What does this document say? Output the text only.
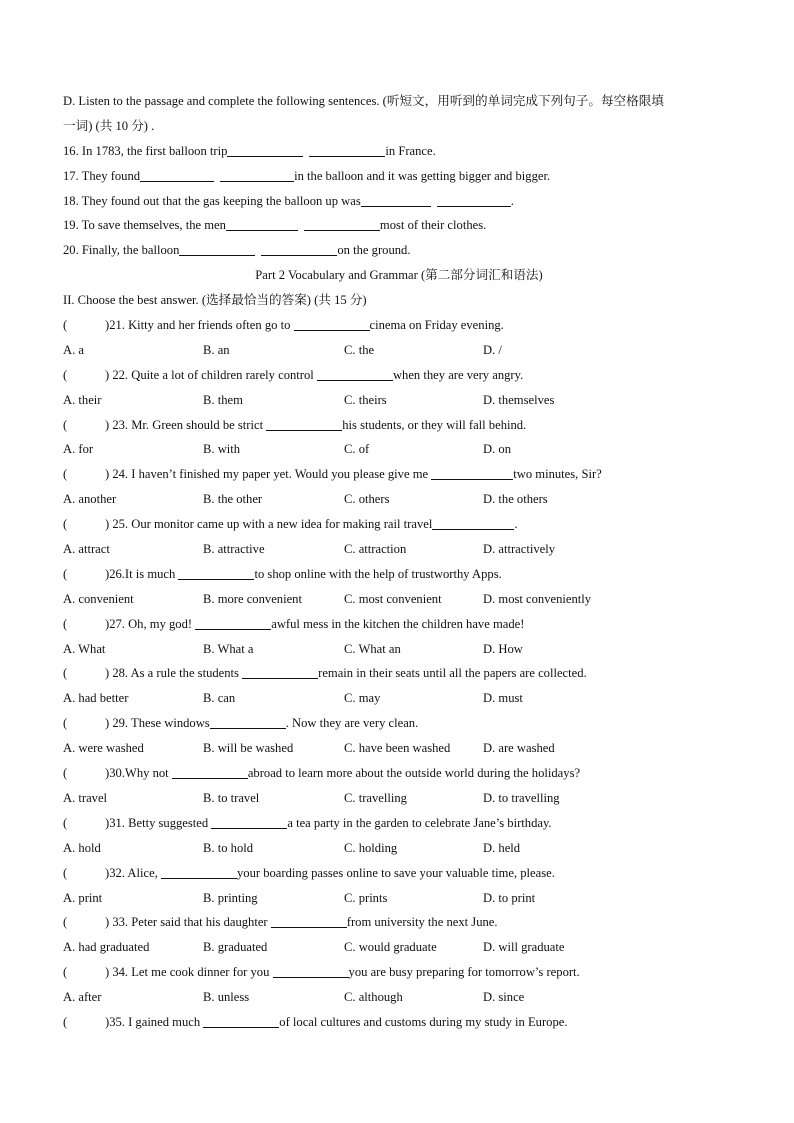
D. Listen to the passage and complete the following sentences. (听短文，用听到的单词完成下列句子。每空格限填
一词) (共 10 分) .
16. In 1783, the first balloon trip	in France.
17. They found	in the balloon and it was getting bigger and bigger.
18. They found out that the gas keeping the balloon up was	.
19. To save themselves, the men	most of their clothes.
20. Finally, the balloon	on the ground.
Part 2 Vocabulary and Grammar (第二部分词汇和语法)
II. Choose the best answer. (选择最恰当的答案) (共 15 分)
(	)21. Kitty and her friends often go to	cinema on Friday evening.
A. a	B. an	C. the	D. /
(	) 22. Quite a lot of children rarely control	when they are very angry.
A. their	B. them	C. theirs	D. themselves
(	) 23. Mr. Green should be strict	his students, or they will fall behind.
A. for	B. with	C. of	D. on
(	) 24. I haven’t finished my paper yet. Would you please give me	two minutes, Sir?
A. another	B. the other	C. others	D. the others
(	) 25. Our monitor came up with a new idea for making rail travel	.
A. attract	B. attractive	C. attraction	D. attractively
(	)26.It is much	to shop online with the help of trustworthy Apps.
A. convenient	B. more convenient	C. most convenient	D. most conveniently
(	)27. Oh, my god!	awful mess in the kitchen the children have made!
A. What	B. What a	C. What an	D. How
(	) 28. As a rule the students	remain in their seats until all the papers are collected.
A. had better	B. can	C. may	D. must
(	) 29. These windows	. Now they are very clean.
A. were washed	B. will be washed	C. have been washed	D. are washed
(	)30.Why not	abroad to learn more about the outside world during the holidays?
A. travel	B. to travel	C. travelling	D. to travelling
(	)31. Betty suggested	a tea party in the garden to celebrate Jane’s birthday.
A. hold	B. to hold	C. holding	D. held
(	)32. Alice,	your boarding passes online to save your valuable time, please.
A. print	B. printing	C. prints	D. to print
(	) 33. Peter said that his daughter	from university the next June.
A. had graduated	B. graduated	C. would graduate	D. will graduate
(	) 34. Let me cook dinner for you	you are busy preparing for tomorrow’s report.
A. after	B. unless	C. although	D. since
(	)35. I gained much	of local cultures and customs during my study in Europe.
